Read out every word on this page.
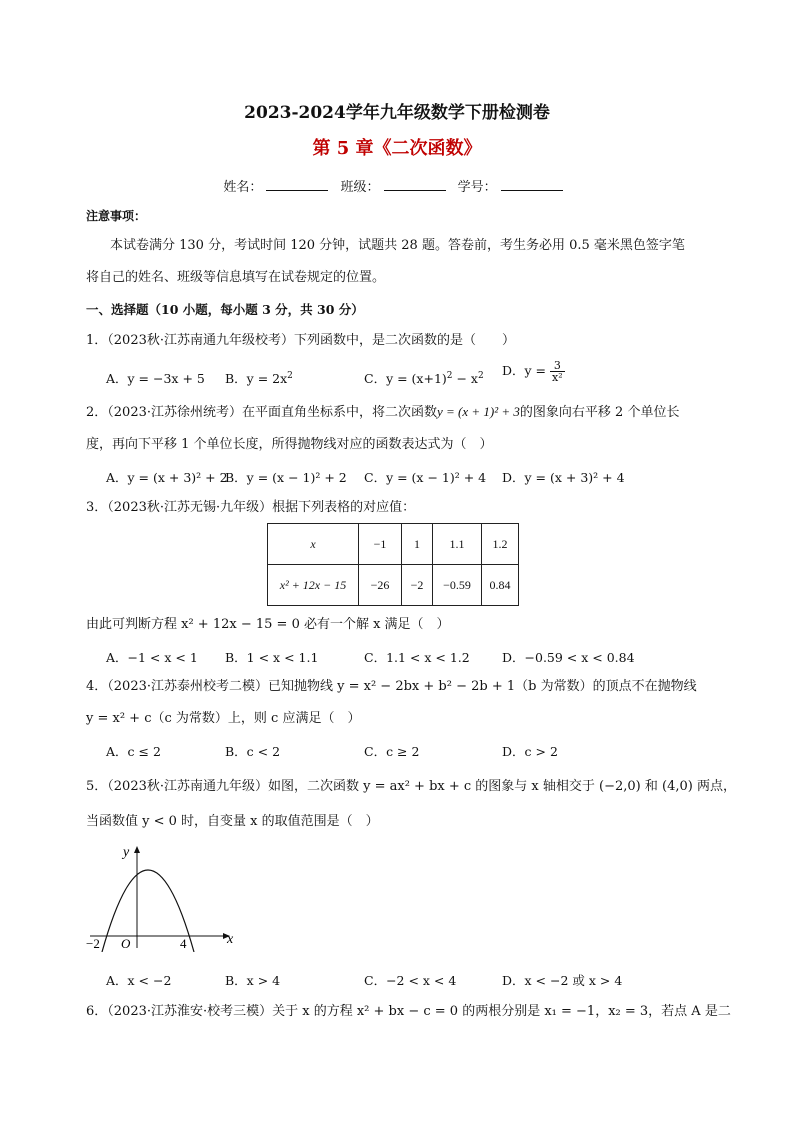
2023-2024学年九年级数学下册检测卷
第 5 章《二次函数》
姓名：	班级：	学号：
注意事项：
本试卷满分 130 分，考试时间 120 分钟，试题共 28 题。答卷前，考生务必用 0.5 毫米黑色签字笔
将自己的姓名、班级等信息填写在试卷规定的位置。
一、选择题（10 小题，每小题 3 分，共 30 分）
1．（2023秋·江苏南通九年级校考）下列函数中，是二次函数的是（　　）
A．y = −3x + 5 B．$y = 2x^2$	C．$y = (x+1)^2 - x^2$ D．$y = \frac{3}{\text{x²}}$
2．（2023·江苏徐州统考）在平面直角坐标系中，将二次函数y = (x + 1)² + 3的图象向右平移 2 个单位长
度，再向下平移 1 个单位长度，所得抛物线对应的函数表达式为（　）
A．y = (x + 3)² + 2
B．y = (x − 1)² + 2 C．y = (x − 1)² + 4 D．y = (x + 3)² + 4
3．（2023秋·江苏无锡·九年级）根据下列表格的对应值：
x	−1	1	1.1	1.2
x² + 12x − 15	−26	−2	−0.59	0.84
由此可判断方程 x² + 12x − 15 = 0 必有一个解 x 满足（　）
A．−1 < x < 1 B．1 < x < 1.1	C．1.1 < x < 1.2	D．−0.59 < x < 0.84
4．（2023·江苏泰州校考二模）已知抛物线 y = x² − 2bx + b² − 2b + 1（b 为常数）的顶点不在抛物线
y = x² + c（c 为常数）上，则 c 应满足（　）
A．c ≤ 2	B．c < 2	C．c ≥ 2	D．c > 2
5．（2023秋·江苏南通九年级）如图，二次函数 y = ax² + bx + c 的图象与 x 轴相交于 (−2,0) 和 (4,0) 两点，
当函数值 y < 0 时，自变量 x 的取值范围是（　）
y
x
O
−2	4
A．x < −2	B．x > 4	C．−2 < x < 4	D．x < −2 或 x > 4
6．（2023·江苏淮安·校考三模）关于 x 的方程 x² + bx − c = 0 的两根分别是 x₁ = −1，x₂ = 3，若点 A 是二
